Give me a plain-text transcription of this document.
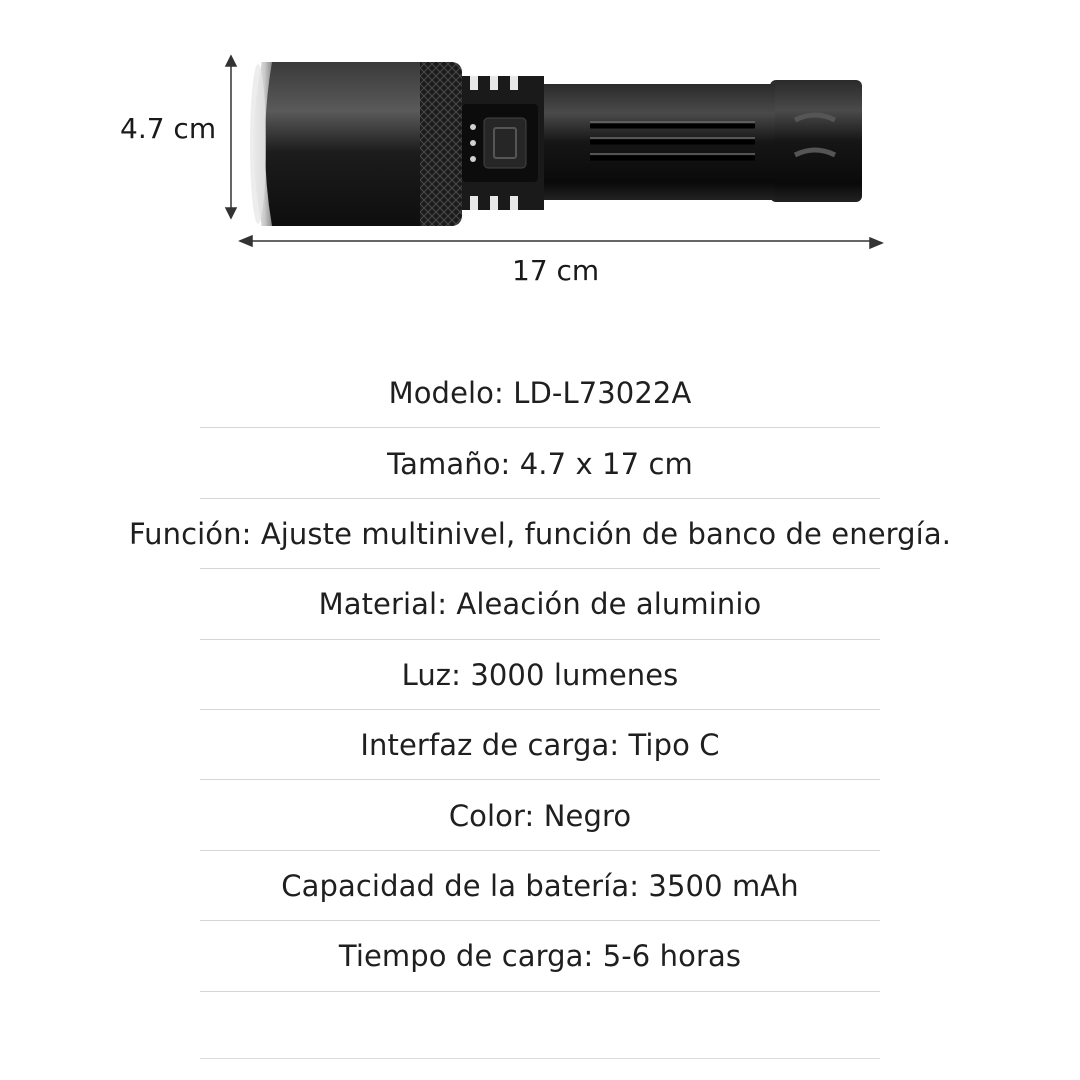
4.7 cm
17 cm
Modelo: LD-L73022A
Tamaño: 4.7 x 17 cm
Función: Ajuste multinivel, función de banco de energía.
Material: Aleación de aluminio
Luz: 3000 lumenes
Interfaz de carga: Tipo C
Color: Negro
Capacidad de la batería: 3500 mAh
Tiempo de carga: 5-6 horas
